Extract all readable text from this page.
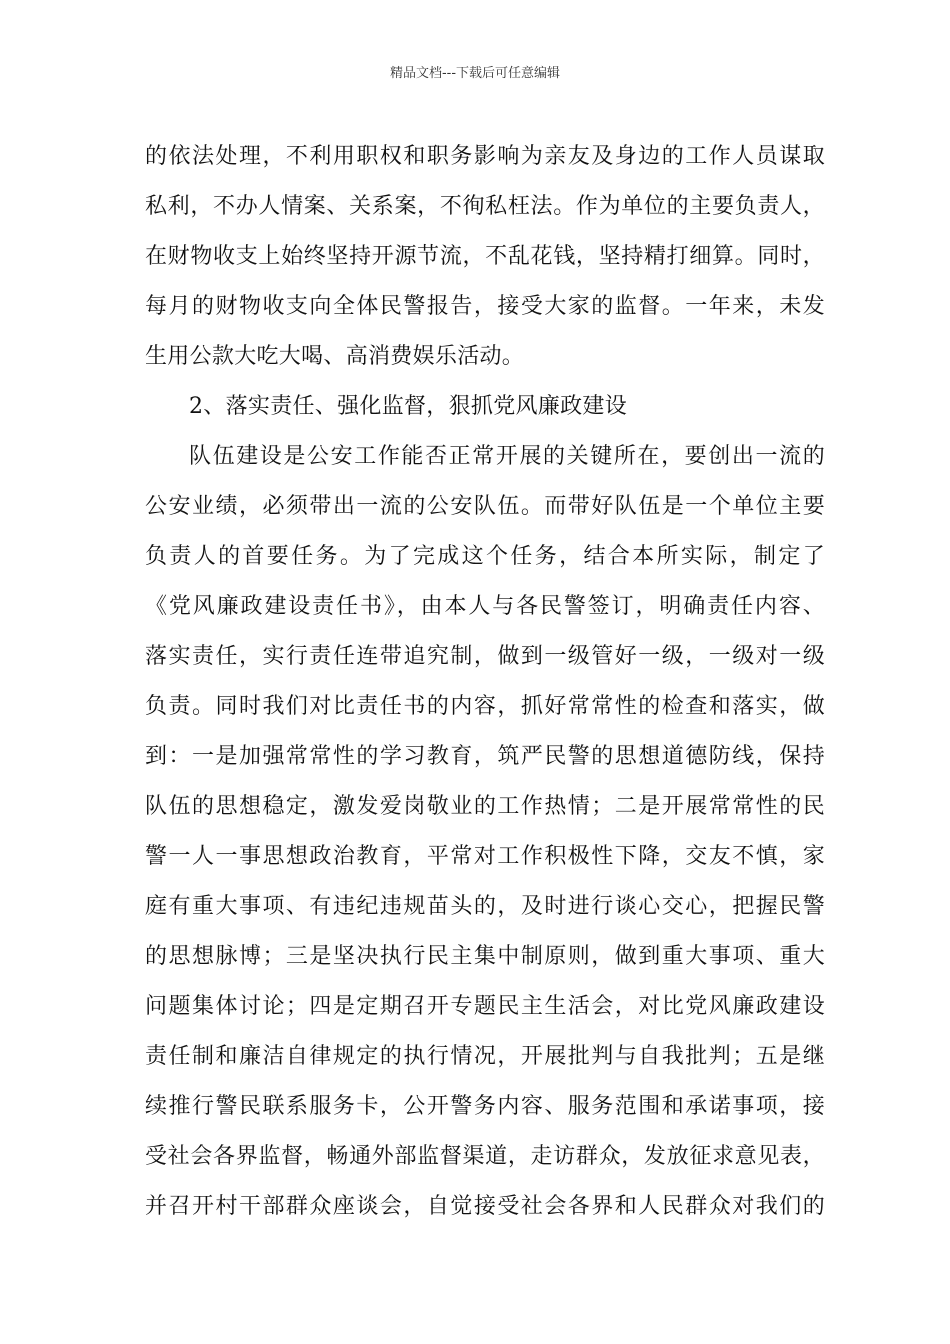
精品文档---下载后可任意编辑
的依法处理，不利用职权和职务影响为亲友及身边的工作人员谋取
私利，不办人情案、关系案，不徇私枉法。作为单位的主要负责人，
在财物收支上始终坚持开源节流，不乱花钱，坚持精打细算。同时，
每月的财物收支向全体民警报告，接受大家的监督。一年来，未发
生用公款大吃大喝、高消费娱乐活动。
2、落实责任、强化监督，狠抓党风廉政建设
队伍建设是公安工作能否正常开展的关键所在，要创出一流的
公安业绩，必须带出一流的公安队伍。而带好队伍是一个单位主要
负责人的首要任务。为了完成这个任务，结合本所实际，制定了
《党风廉政建设责任书》，由本人与各民警签订，明确责任内容、
落实责任，实行责任连带追究制，做到一级管好一级，一级对一级
负责。同时我们对比责任书的内容，抓好常常性的检查和落实，做
到：一是加强常常性的学习教育，筑严民警的思想道德防线，保持
队伍的思想稳定，激发爱岗敬业的工作热情；二是开展常常性的民
警一人一事思想政治教育，平常对工作积极性下降，交友不慎，家
庭有重大事项、有违纪违规苗头的，及时进行谈心交心，把握民警
的思想脉博；三是坚决执行民主集中制原则，做到重大事项、重大
问题集体讨论；四是定期召开专题民主生活会，对比党风廉政建设
责任制和廉洁自律规定的执行情况，开展批判与自我批判；五是继
续推行警民联系服务卡，公开警务内容、服务范围和承诺事项，接
受社会各界监督，畅通外部监督渠道，走访群众，发放征求意见表，
并召开村干部群众座谈会，自觉接受社会各界和人民群众对我们的
